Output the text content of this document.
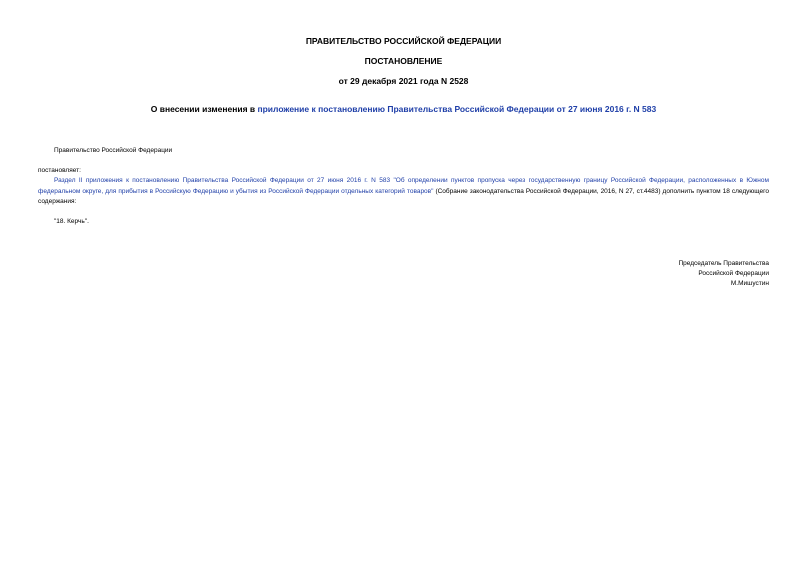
ПРАВИТЕЛЬСТВО РОССИЙСКОЙ ФЕДЕРАЦИИ
ПОСТАНОВЛЕНИЕ
от 29 декабря 2021 года N 2528
О внесении изменения в приложение к постановлению Правительства Российской Федерации от 27 июня 2016 г. N 583
Правительство Российской Федерации
постановляет:
Раздел II приложения к постановлению Правительства Российской Федерации от 27 июня 2016 г. N 583 "Об определении пунктов пропуска через государственную границу Российской Федерации, расположенных в Южном федеральном округе, для прибытия в Российскую Федерацию и убытия из Российской Федерации отдельных категорий товаров" (Собрание законодательства Российской Федерации, 2016, N 27, ст.4483) дополнить пунктом 18 следующего содержания:
"18. Керчь".
Председатель Правительства
Российской Федерации
М.Мишустин
